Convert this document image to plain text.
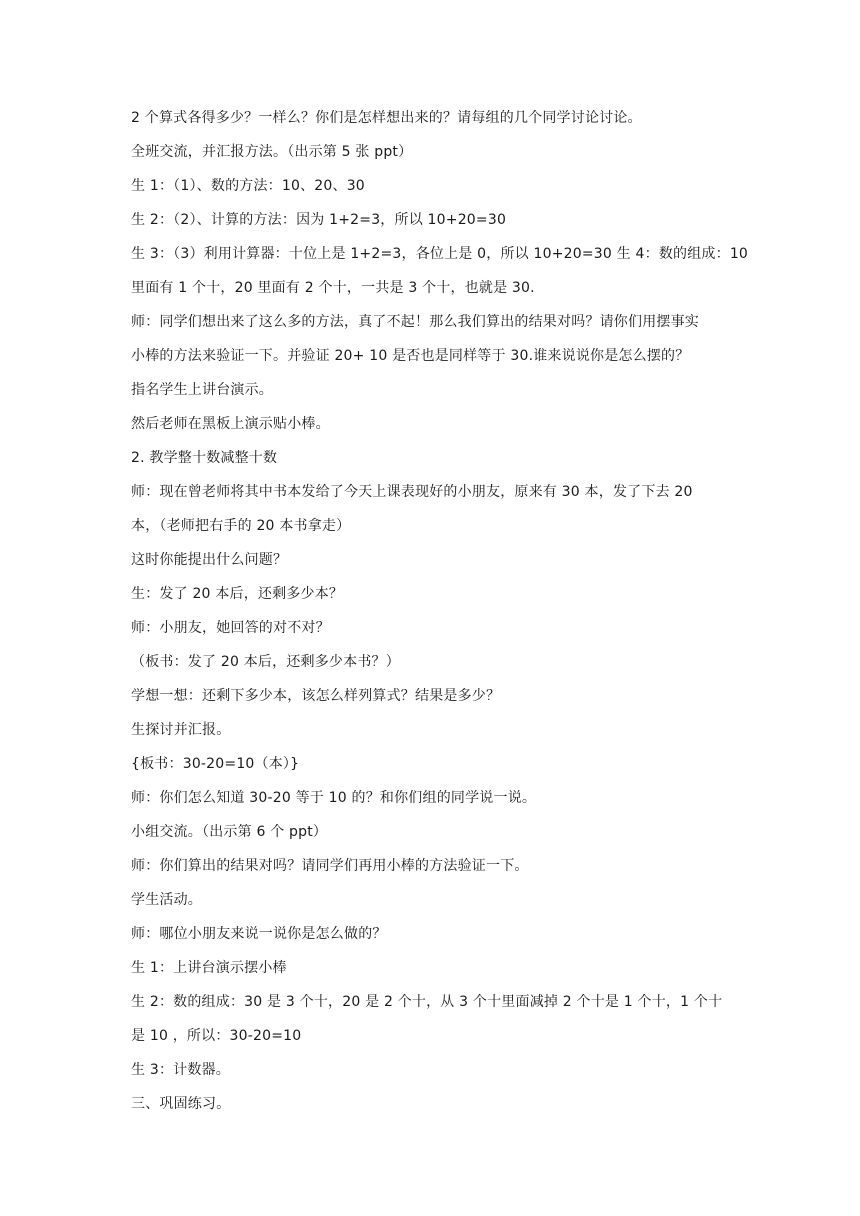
2 个算式各得多少？一样么？你们是怎样想出来的？请每组的几个同学讨论讨论。
全班交流，并汇报方法。（出示第 5 张 ppt）
生 1：（1）、数的方法：10、20、30
生 2：（2）、计算的方法：因为 1+2=3，所以 10+20=30
生 3：（3）利用计算器：十位上是 1+2=3，各位上是 0，所以 10+20=30 生 4：数的组成：10
里面有 1 个十，20 里面有 2 个十，一共是 3 个十，也就是 30.
师：同学们想出来了这么多的方法，真了不起！那么我们算出的结果对吗？请你们用摆事实
小棒的方法来验证一下。并验证 20+ 10 是否也是同样等于 30.谁来说说你是怎么摆的？
指名学生上讲台演示。
然后老师在黑板上演示贴小棒。
2. 教学整十数减整十数
师：现在曾老师将其中书本发给了今天上课表现好的小朋友，原来有 30 本，发了下去 20
本，（老师把右手的 20 本书拿走）
这时你能提出什么问题？
生：发了 20 本后，还剩多少本？
师：小朋友，她回答的对不对？
（板书：发了 20 本后，还剩多少本书？）
学想一想：还剩下多少本，该怎么样列算式？结果是多少？
生探讨并汇报。
{板书：30-20=10（本）}
师：你们怎么知道 30-20 等于 10 的？和你们组的同学说一说。
小组交流。（出示第 6 个 ppt）
师：你们算出的结果对吗？请同学们再用小棒的方法验证一下。
学生活动。
师：哪位小朋友来说一说你是怎么做的？
生 1：上讲台演示摆小棒
生 2：数的组成：30 是 3 个十，20 是 2 个十，从 3 个十里面减掉 2 个十是 1 个十，1 个十
是 10 ，所以：30-20=10
生 3：计数器。
三、巩固练习。
